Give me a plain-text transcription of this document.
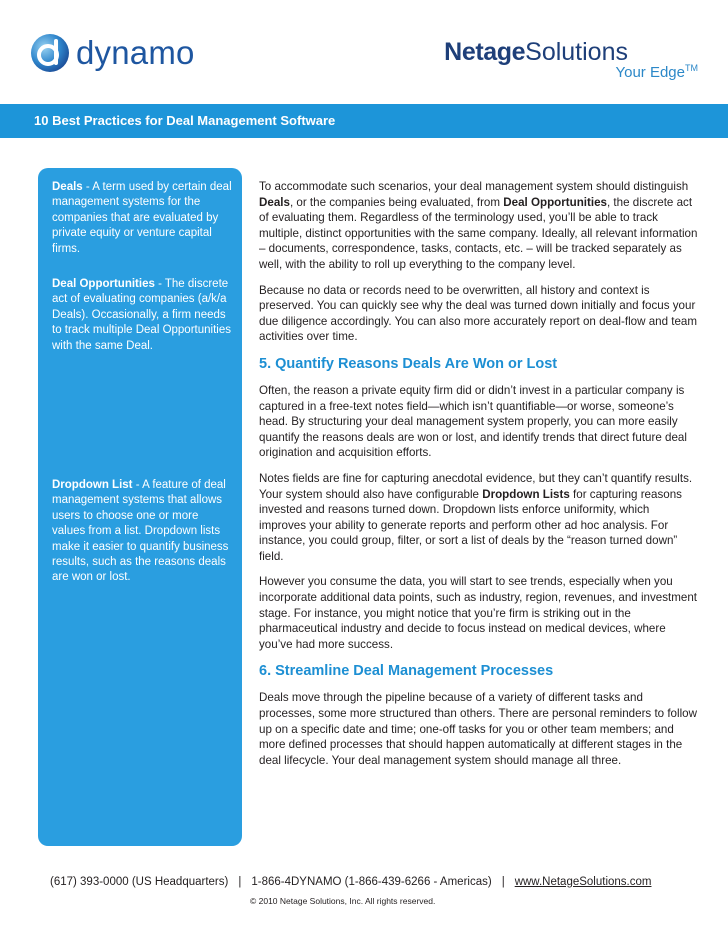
dynamo	NetageSolutions
Your Edge™
10 Best Practices for Deal Management Software
Deals - A term used by certain deal management systems for the companies that are evaluated by private equity or venture capital firms.
Deal Opportunities - The discrete act of evaluating companies (a/k/a Deals). Occasionally, a firm needs to track multiple Deal Opportunities with the same Deal.
Dropdown List - A feature of deal management systems that allows users to choose one or more values from a list. Dropdown lists make it easier to quantify business results, such as the reasons deals are won or lost.

To accommodate such scenarios, your deal management system should distinguish Deals, or the companies being evaluated, from Deal Opportunities, the discrete act of evaluating them. Regardless of the terminology used, you’ll be able to track multiple, distinct opportunities with the same company. Ideally, all relevant information – documents, correspondence, tasks, contacts, etc. – will be tracked separately as well, with the ability to roll up everything to the company level.

Because no data or records need to be overwritten, all history and context is preserved. You can quickly see why the deal was turned down initially and focus your due diligence accordingly. You can also more accurately report on deal-flow and team activities over time.

5. Quantify Reasons Deals Are Won or Lost

Often, the reason a private equity firm did or didn’t invest in a particular company is captured in a free-text notes field—which isn’t quantifiable—or worse, someone’s head. By structuring your deal management system properly, you can more easily quantify the reasons deals are won or lost, and identify trends that direct future deal origination and acquisition efforts.

Notes fields are fine for capturing anecdotal evidence, but they can’t quantify results. Your system should also have configurable Dropdown Lists for capturing reasons invested and reasons turned down. Dropdown lists enforce uniformity, which improves your ability to generate reports and perform other ad hoc analysis. For instance, you could group, filter, or sort a list of deals by the “reason turned down” field.

However you consume the data, you will start to see trends, especially when you incorporate additional data points, such as industry, region, revenues, and investment stage. For instance, you might notice that you’re firm is striking out in the pharmaceutical industry and decide to focus instead on medical devices, where you’ve had more success.

6. Streamline Deal Management Processes

Deals move through the pipeline because of a variety of different tasks and processes, some more structured than others. There are personal reminders to follow up on a specific date and time; one-off tasks for you or other team members; and more defined processes that should happen automatically at different stages in the deal lifecycle. Your deal management system should manage all three.

(617) 393-0000 (US Headquarters) | 1-866-4DYNAMO (1-866-439-6266 - Americas) | www.NetageSolutions.com
© 2010 Netage Solutions, Inc. All rights reserved.
